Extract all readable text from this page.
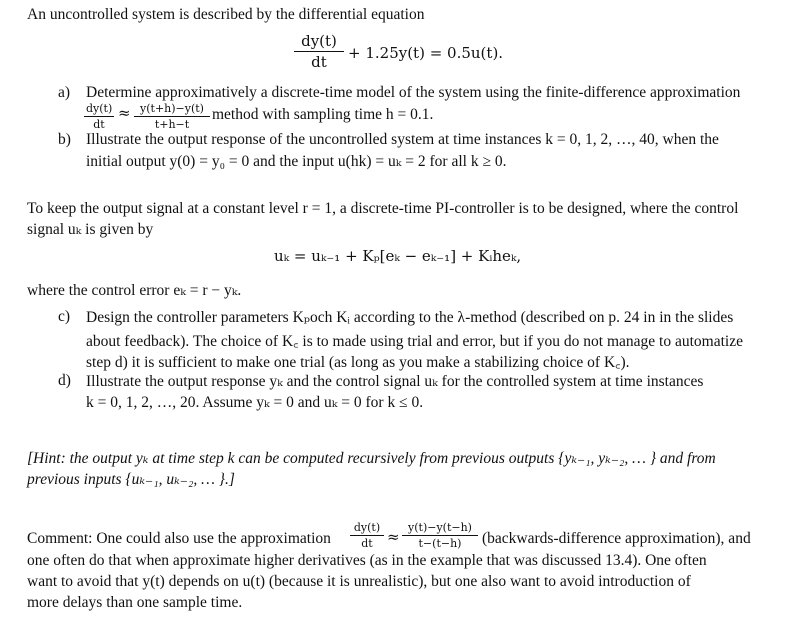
An uncontrolled system is described by the differential equation
$\frac{dy(t)}{dt} + 1.25y(t) = 0.5u(t)$.
a) Determine approximatively a discrete-time model of the system using the finite-difference approximation
$\frac{dy(t)}{dt} \approx \frac{y(t+h)-y(t)}{t+h-t}$ method with sampling time h = 0.1.
b) Illustrate the output response of the uncontrolled system at time instances k = 0, 1, 2, …, 40, when the
initial output y(0) = y₀ = 0 and the input u(hk) = uₖ = 2 for all k ≥ 0.
To keep the output signal at a constant level r = 1, a discrete-time PI-controller is to be designed, where the control
signal uₖ is given by
uₖ = uₖ₋₁ + Kₚ[eₖ − eₖ₋₁] + Kᵢheₖ,
where the control error eₖ = r − yₖ.
c) Design the controller parameters Kₚoch Kᵢ according to the λ-method (described on p. 24 in in the slides
about feedback). The choice of K꜀ is to made using trial and error, but if you do not manage to automatize
step d) it is sufficient to make one trial (as long as you make a stabilizing choice of K꜀).
d) Illustrate the output response yₖ and the control signal uₖ for the controlled system at time instances
k = 0, 1, 2, …, 20. Assume yₖ = 0 and uₖ = 0 for k ≤ 0.
[Hint: the output yₖ at time step k can be computed recursively from previous outputs {yₖ₋₁, yₖ₋₂, … } and from
previous inputs {uₖ₋₁, uₖ₋₂, … }.]
Comment: One could also use the approximation $\frac{dy(t)}{dt} \approx \frac{y(t)-y(t-h)}{t-(t-h)}$ (backwards-difference approximation), and
one often do that when approximate higher derivatives (as in the example that was discussed 13.4). One often
want to avoid that y(t) depends on u(t) (because it is unrealistic), but one also want to avoid introduction of
more delays than one sample time.
